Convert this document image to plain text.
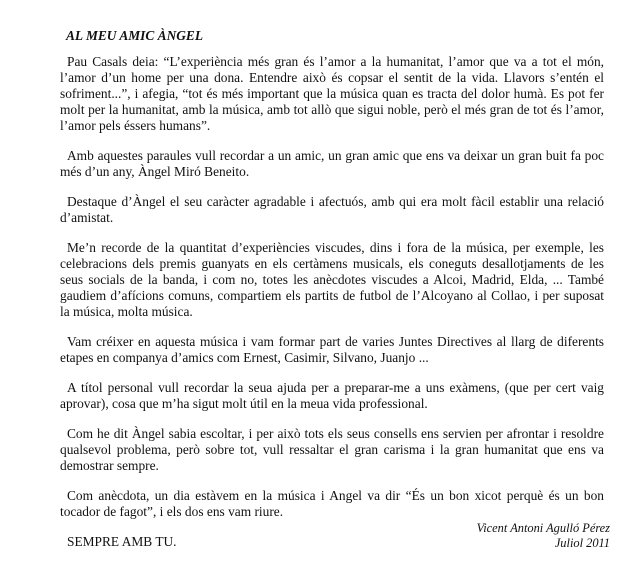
AL MEU AMIC ÀNGEL

Pau Casals deia: “L’experiència més gran és l’amor a la humanitat, l’amor que va a tot el món, l’amor d’un home per una dona. Entendre això és copsar el sentit de la vida. Llavors s’entén el sofriment...”, i afegia, “tot és més important que la música quan es tracta del dolor humà. Es pot fer molt per la humanitat, amb la música, amb tot allò que sigui noble, però el més gran de tot és l’amor, l’amor pels éssers humans”.

Amb aquestes paraules vull recordar a un amic, un gran amic que ens va deixar un gran buit fa poc més d’un any, Àngel Miró Beneito.

Destaque d’Àngel el seu caràcter agradable i afectuós, amb qui era molt fàcil establir una relació d’amistat.

Me’n recorde de la quantitat d’experiències viscudes, dins i fora de la música, per exemple, les celebracions dels premis guanyats en els certàmens musicals, els coneguts desallotjaments de les seus socials de la banda, i com no, totes les anècdotes viscudes a Alcoi, Madrid, Elda, ... També gaudiem d’afícions comuns, compartiem els partits de futbol de l’Alcoyano al Collao, i per suposat la música, molta música.

Vam créixer en aquesta música i vam formar part de varies Juntes Directives al llarg de diferents etapes en companya d’amics com Ernest, Casimir, Silvano, Juanjo ...

A títol personal vull recordar la seua ajuda per a preparar-me a uns exàmens, (que per cert vaig aprovar), cosa que m’ha sigut molt útil en la meua vida professional.

Com he dit Àngel sabia escoltar, i per això tots els seus consells ens servien per afrontar i resoldre qualsevol problema, però sobre tot, vull ressaltar el gran carisma i la gran humanitat que ens va demostrar sempre.

Com anècdota, un dia estàvem en la música i Angel va dir “És un bon xicot perquè és un bon tocador de fagot”, i els dos ens vam riure.

SEMPRE AMB TU.
Vicent Antoni Agulló Pérez
Juliol 2011
